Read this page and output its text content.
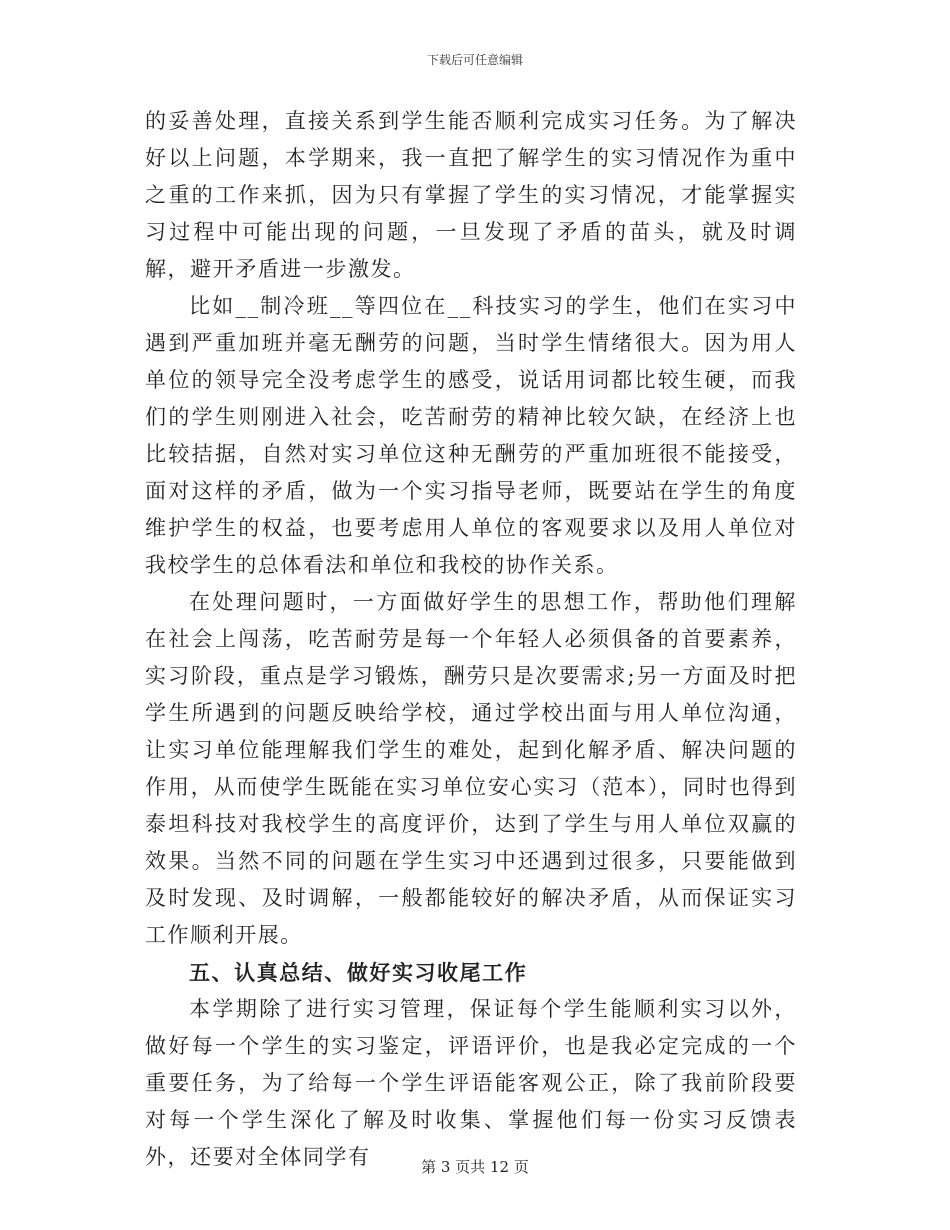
下载后可任意编辑

的妥善处理，直接关系到学生能否顺利完成实习任务。为了解决好以上问题，本学期来，我一直把了解学生的实习情况作为重中之重的工作来抓，因为只有掌握了学生的实习情况，才能掌握实习过程中可能出现的问题，一旦发现了矛盾的苗头，就及时调解，避开矛盾进一步激发。

比如__制冷班__等四位在__科技实习的学生，他们在实习中遇到严重加班并毫无酬劳的问题，当时学生情绪很大。因为用人单位的领导完全没考虑学生的感受，说话用词都比较生硬，而我们的学生则刚进入社会，吃苦耐劳的精神比较欠缺，在经济上也比较拮据，自然对实习单位这种无酬劳的严重加班很不能接受，面对这样的矛盾，做为一个实习指导老师，既要站在学生的角度维护学生的权益，也要考虑用人单位的客观要求以及用人单位对我校学生的总体看法和单位和我校的协作关系。

在处理问题时，一方面做好学生的思想工作，帮助他们理解在社会上闯荡，吃苦耐劳是每一个年轻人必须俱备的首要素养，实习阶段，重点是学习锻炼，酬劳只是次要需求;另一方面及时把学生所遇到的问题反映给学校，通过学校出面与用人单位沟通，让实习单位能理解我们学生的难处，起到化解矛盾、解决问题的作用，从而使学生既能在实习单位安心实习（范本），同时也得到泰坦科技对我校学生的高度评价，达到了学生与用人单位双赢的效果。当然不同的问题在学生实习中还遇到过很多，只要能做到及时发现、及时调解，一般都能较好的解决矛盾，从而保证实习工作顺利开展。

五、认真总结、做好实习收尾工作

本学期除了进行实习管理，保证每个学生能顺利实习以外，做好每一个学生的实习鉴定，评语评价，也是我必定完成的一个重要任务，为了给每一个学生评语能客观公正，除了我前阶段要对每一个学生深化了解及时收集、掌握他们每一份实习反馈表外，还要对全体同学有	第 3 页共 12 页
